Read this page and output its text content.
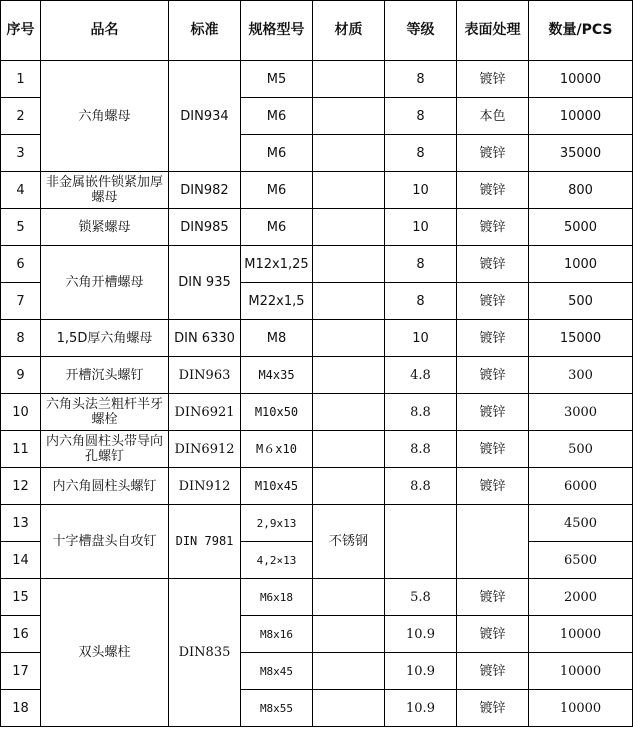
序号	品名	标准	规格型号	材质	等级	表面处理	数量/PCS
1	六角螺母	DIN934	M5		8	镀锌	10000
2			M6		8	本色	10000
3			M6		8	镀锌	35000
4	非金属嵌件锁紧加厚螺母	DIN982	M6		10	镀锌	800
5	锁紧螺母	DIN985	M6		10	镀锌	5000
6	六角开槽螺母	DIN 935	M12x1,25		8	镀锌	1000
7			M22x1,5		8	镀锌	500
8	1,5D厚六角螺母	DIN 6330	M8		10	镀锌	15000
9	开槽沉头螺钉	DIN963	M4x35		4.8	镀锌	300
10	六角头法兰粗杆半牙螺栓	DIN6921	M10x50		8.8	镀锌	3000
11	内六角圆柱头带导向孔螺钉	DIN6912	M６x10		8.8	镀锌	500
12	内六角圆柱头螺钉	DIN912	M10x45		8.8	镀锌	6000
13	十字槽盘头自攻钉	DIN 7981	2,9x13	不锈钢			4500
14			4,2×13				6500
15	双头螺柱	DIN835	M6x18		5.8	镀锌	2000
16			M8x16		10.9	镀锌	10000
17			M8x45		10.9	镀锌	10000
18			M8x55		10.9	镀锌	10000
